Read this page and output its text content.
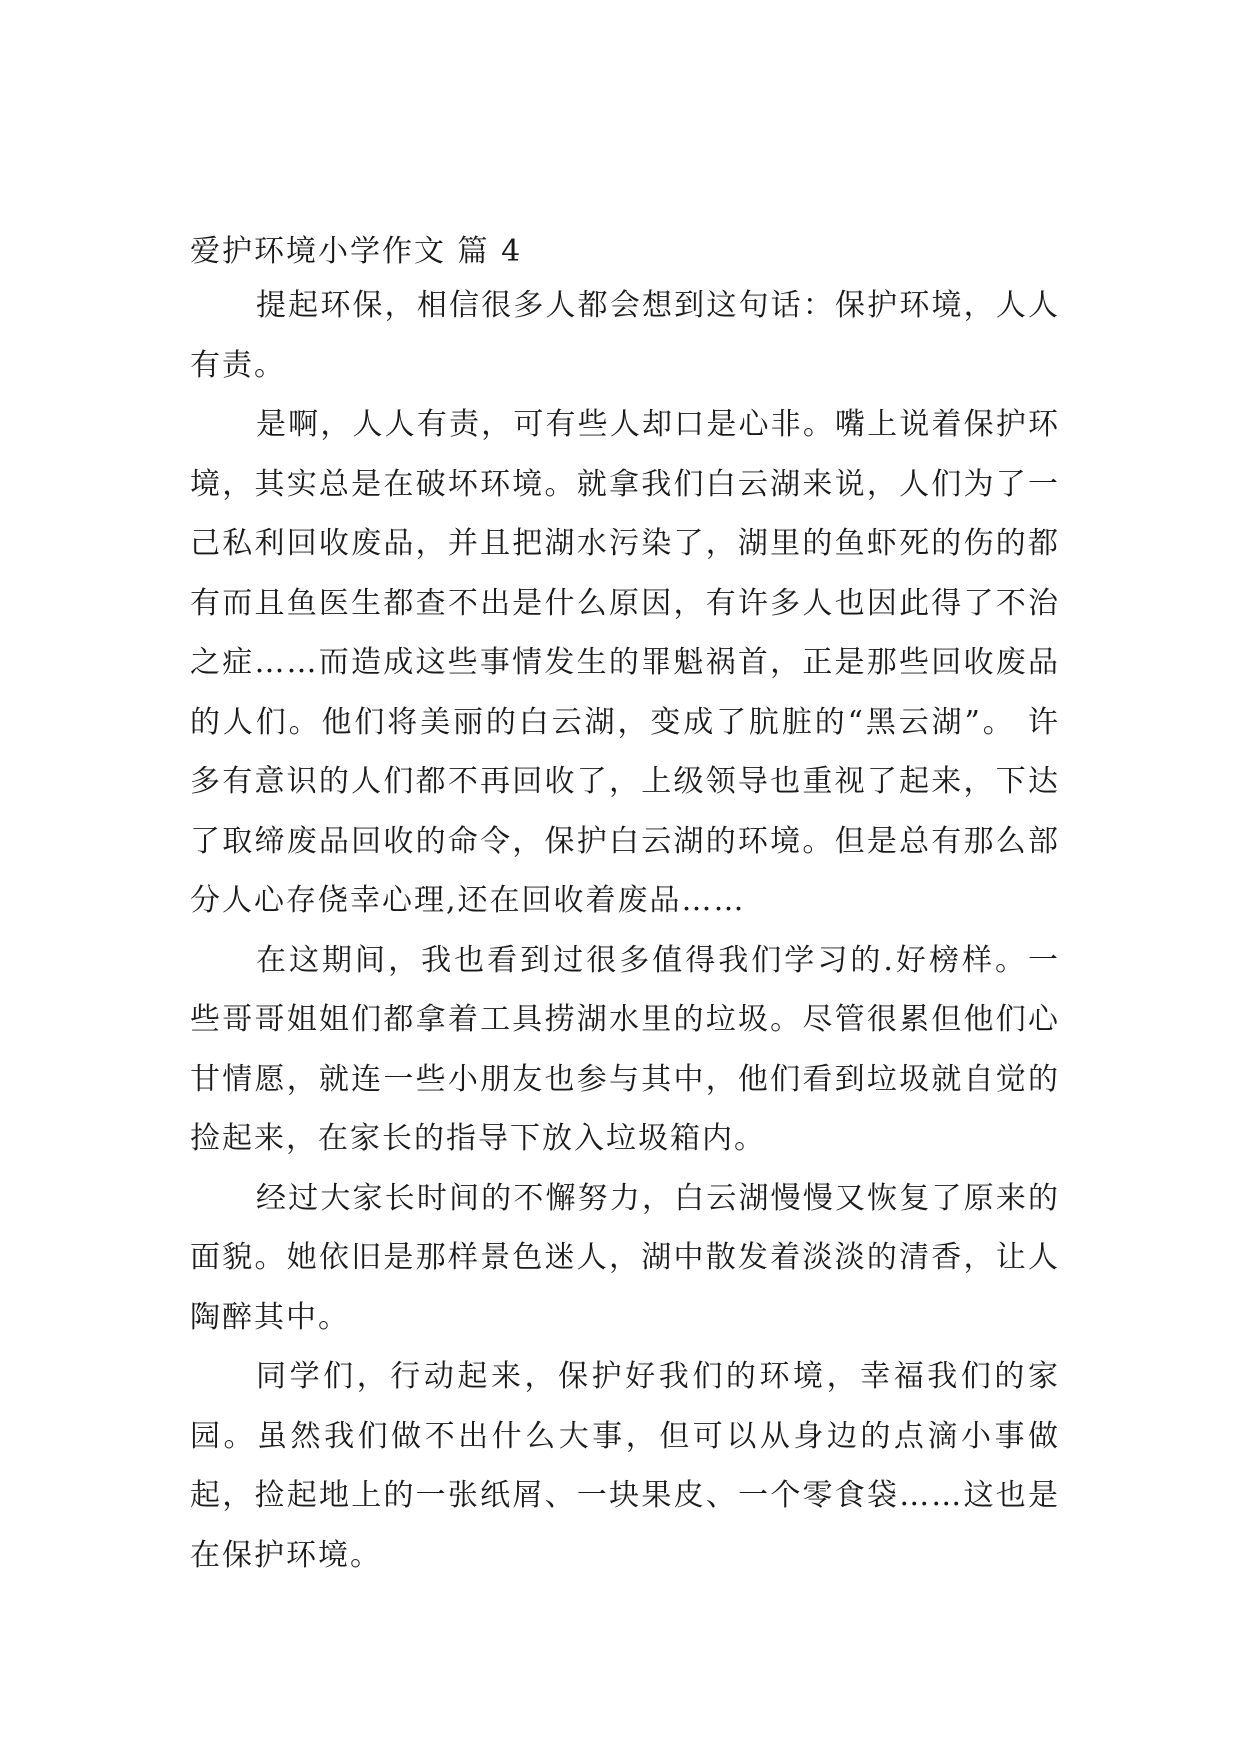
爱护环境小学作文 篇 4

提起环保，相信很多人都会想到这句话：保护环境，人人有责。

是啊，人人有责，可有些人却口是心非。嘴上说着保护环境，其实总是在破坏环境。就拿我们白云湖来说，人们为了一己私利回收废品，并且把湖水污染了，湖里的鱼虾死的伤的都有而且鱼医生都查不出是什么原因，有许多人也因此得了不治之症……而造成这些事情发生的罪魁祸首，正是那些回收废品的人们。他们将美丽的白云湖，变成了肮脏的“黑云湖”。 许多有意识的人们都不再回收了，上级领导也重视了起来，下达了取缔废品回收的命令，保护白云湖的环境。但是总有那么部分人心存侥幸心理,还在回收着废品……

在这期间，我也看到过很多值得我们学习的.好榜样。一些哥哥姐姐们都拿着工具捞湖水里的垃圾。尽管很累但他们心甘情愿，就连一些小朋友也参与其中，他们看到垃圾就自觉的捡起来，在家长的指导下放入垃圾箱内。

经过大家长时间的不懈努力，白云湖慢慢又恢复了原来的面貌。她依旧是那样景色迷人，湖中散发着淡淡的清香，让人陶醉其中。

同学们，行动起来，保护好我们的环境，幸福我们的家园。虽然我们做不出什么大事，但可以从身边的点滴小事做起，捡起地上的一张纸屑、一块果皮、一个零食袋……这也是在保护环境。
